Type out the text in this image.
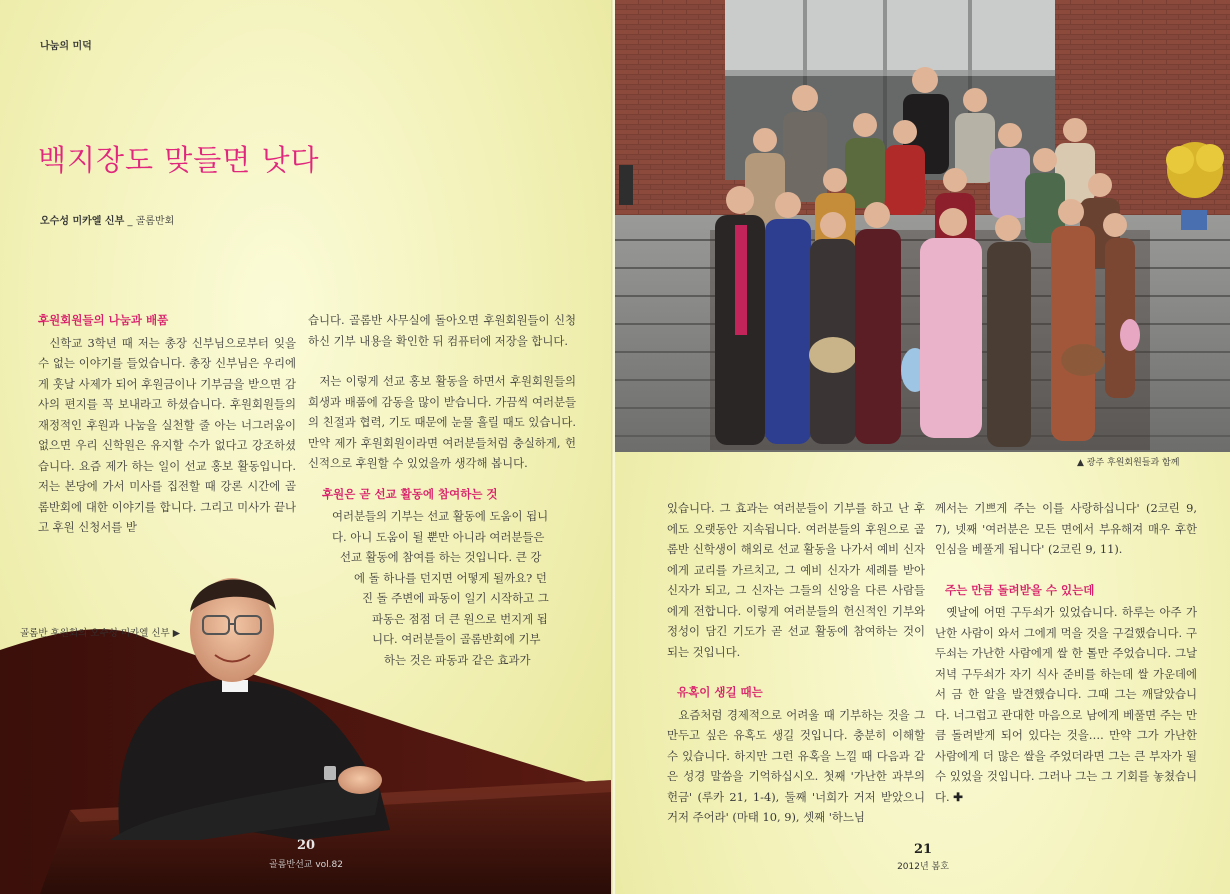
나눔의 미덕
백지장도 맞들면 낫다
오수성 미카엘 신부 _ 골롬반회
후원회원들의 나눔과 배품

신학교 3학년 때 저는 총장 신부님으로부터 잊을 수 없는 이야기를 들었습니다. 총장 신부님은 우리에게 훗날 사제가 되어 후원금이나 기부금을 받으면 감사의 편지를 꼭 보내라고 하셨습니다. 후원회원들의 재정적인 후원과 나눔을 실천할 줄 아는 너그러움이 없으면 우리 신학원은 유지할 수가 없다고 강조하셨습니다. 요즘 제가 하는 일이 선교 홍보 활동입니다. 저는 본당에 가서 미사를 집전할 때 강론 시간에 골롬반회에 대한 이야기를 합니다. 그리고 미사가 끝나고 후원 신청서를 받

습니다. 골롬반 사무실에 돌아오면 후원회원들이 신청하신 기부 내용을 확인한 뒤 컴퓨터에 저장을 합니다.

저는 이렇게 선교 홍보 활동을 하면서 후원회원들의 희생과 배품에 감동을 많이 받습니다. 가끔씩 여러분들의 친절과 협력, 기도 때문에 눈물 흘릴 때도 있습니다. 만약 제가 후원회원이라면 여러분들처럼 충실하게, 헌신적으로 후원할 수 있었을까 생각해 봅니다.

후원은 곧 선교 활동에 참여하는 것

여러분들의 기부는 선교 활동에 도움이 됩니

다. 아니 도움이 될 뿐만 아니라 여러분들은

선교 활동에 참여를 하는 것입니다. 큰 강

에 돌 하나를 던지면 어떻게 될까요? 던

진 돌 주변에 파동이 일기 시작하고 그

파동은 점점 더 큰 원으로 번지게 됩

니다. 여러분들이 골롬반회에 기부

하는 것은 파동과 같은 효과가

골롬반 후원회의 오수성 미카엘 신부 ▶
20
골롬반선교 vol.82
▲ 광주 후원회원들과 함께

있습니다. 그 효과는 여러분들이 기부를 하고 난 후에도 오랫동안 지속됩니다. 여러분들의 후원으로 골롬반 신학생이 해외로 선교 활동을 나가서 예비 신자에게 교리를 가르치고, 그 예비 신자가 세례를 받아 신자가 되고, 그 신자는 그들의 신앙을 다른 사람들에게 전합니다. 이렇게 여러분들의 헌신적인 기부와 정성이 담긴 기도가 곧 선교 활동에 참여하는 것이 되는 것입니다.

유혹이 생길 때는

요즘처럼 경제적으로 어려울 때 기부하는 것을 그만두고 싶은 유혹도 생길 것입니다. 충분히 이해할 수 있습니다. 하지만 그런 유혹을 느낄 때 다음과 같은 성경 말씀을 기억하십시오. 첫째 '가난한 과부의 헌금' (루카 21, 1-4), 둘째 '너희가 거저 받았으니 거저 주어라' (마태 10, 9), 셋째 '하느님

께서는 기쁘게 주는 이를 사랑하십니다' (2코린 9, 7), 넷째 '여러분은 모든 면에서 부유해져 매우 후한 인심을 베풀게 됩니다' (2코린 9, 11).

주는 만큼 돌려받을 수 있는데

옛날에 어떤 구두쇠가 있었습니다. 하루는 아주 가난한 사람이 와서 그에게 먹을 것을 구걸했습니다. 구두쇠는 가난한 사람에게 쌀 한 톨만 주었습니다. 그날 저녁 구두쇠가 자기 식사 준비를 하는데 쌀 가운데에서 금 한 알을 발견했습니다. 그때 그는 깨달았습니다. 너그럽고 관대한 마음으로 남에게 베풀면 주는 만큼 돌려받게 되어 있다는 것을…. 만약 그가 가난한 사람에게 더 많은 쌀을 주었더라면 그는 큰 부자가 될 수 있었을 것입니다. 그러나 그는 그 기회를 놓쳤습니다. ✚

21
2012년 봄호
